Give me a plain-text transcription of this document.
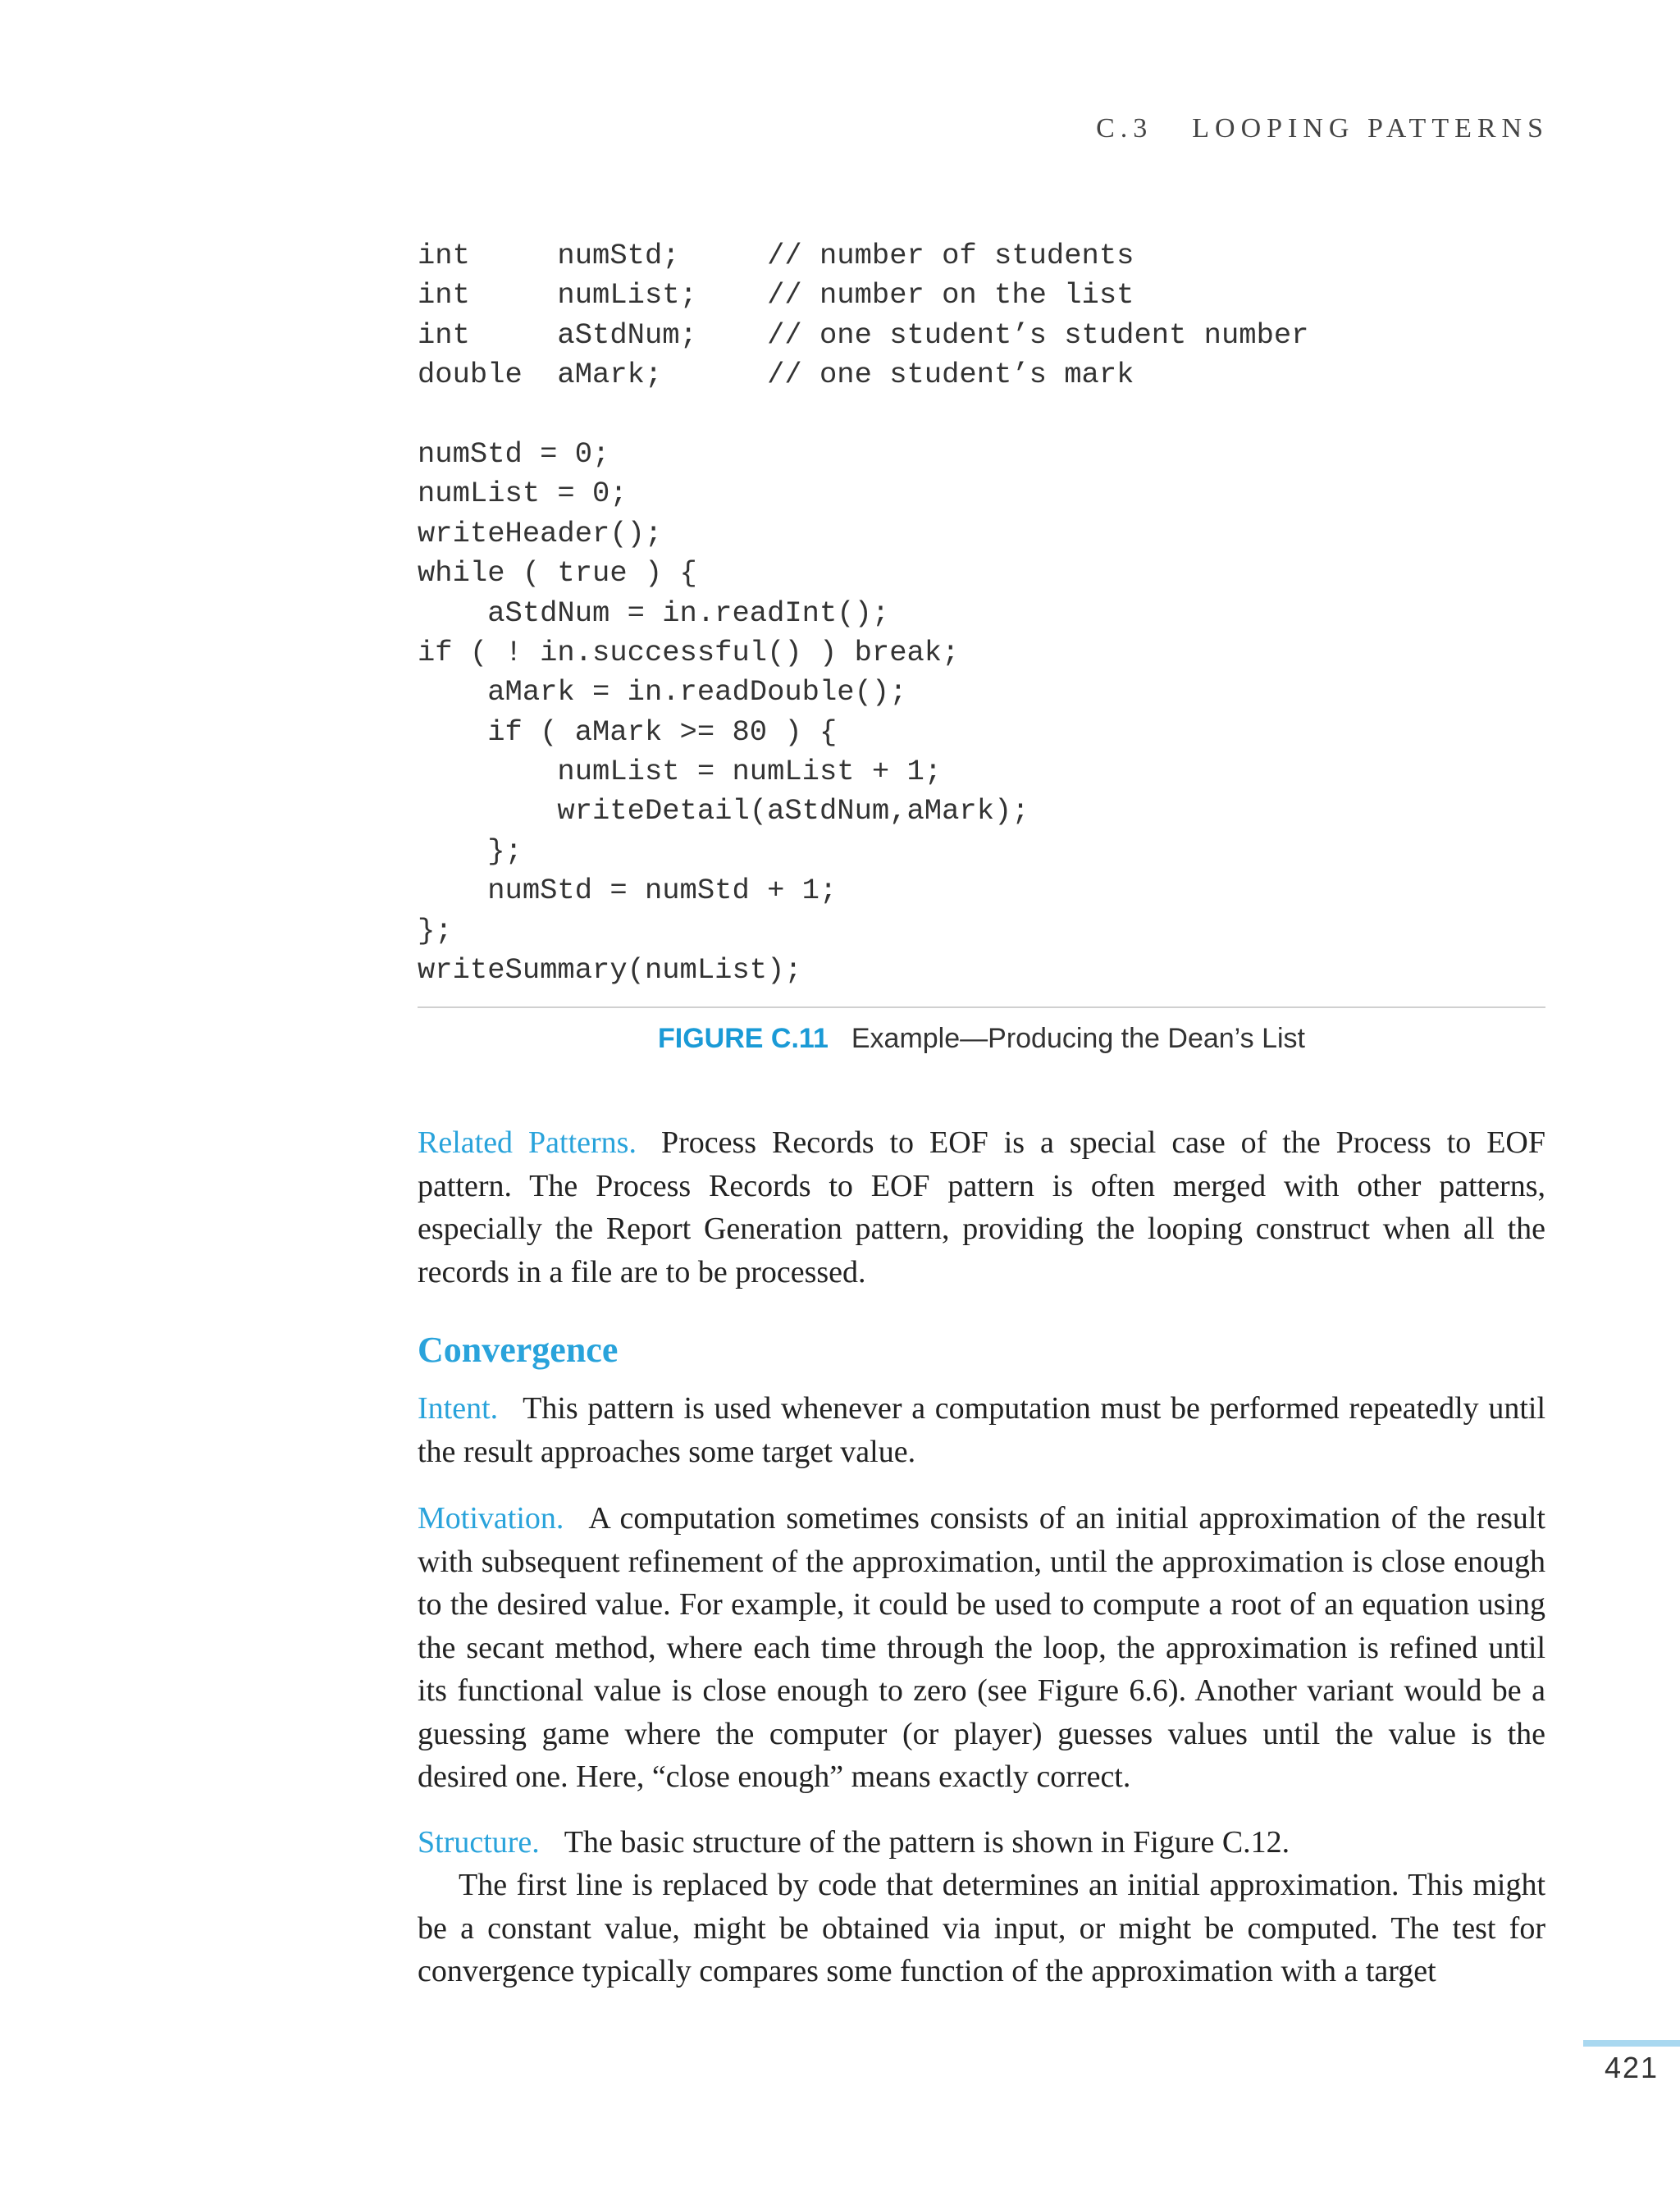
C.3 LOOPING PATTERNS
int     numStd;     // number of students
int     numList;    // number on the list
int     aStdNum;    // one student’s student number
double  aMark;      // one student’s mark
numStd = 0;
numList = 0;
writeHeader();
while ( true ) {
aStdNum = in.readInt();
if ( ! in.successful() ) break;
aMark = in.readDouble();
if ( aMark >= 80 ) {
numList = numList + 1;
writeDetail(aStdNum,aMark);
};
numStd = numStd + 1;
};
writeSummary(numList);
FIGURE C.11 Example—Producing the Dean’s List

Related Patterns. Process Records to EOF is a special case of the Process to EOF pattern. The Process Records to EOF pattern is often merged with other patterns, especially the Report Generation pattern, providing the looping construct when all the records in a file are to be processed.

Convergence

Intent. This pattern is used whenever a computation must be performed repeatedly until the result approaches some target value.

Motivation. A computation sometimes consists of an initial approximation of the result with subsequent refinement of the approximation, until the approximation is close enough to the desired value. For example, it could be used to compute a root of an equation using the secant method, where each time through the loop, the approximation is refined until its functional value is close enough to zero (see Figure 6.6). Another variant would be a guessing game where the computer (or player) guesses values until the value is the desired one. Here, “close enough” means exactly correct.

Structure. The basic structure of the pattern is shown in Figure C.12.

The first line is replaced by code that determines an initial approximation. This might be a constant value, might be obtained via input, or might be computed. The test for convergence typically compares some function of the approximation with a target

421
